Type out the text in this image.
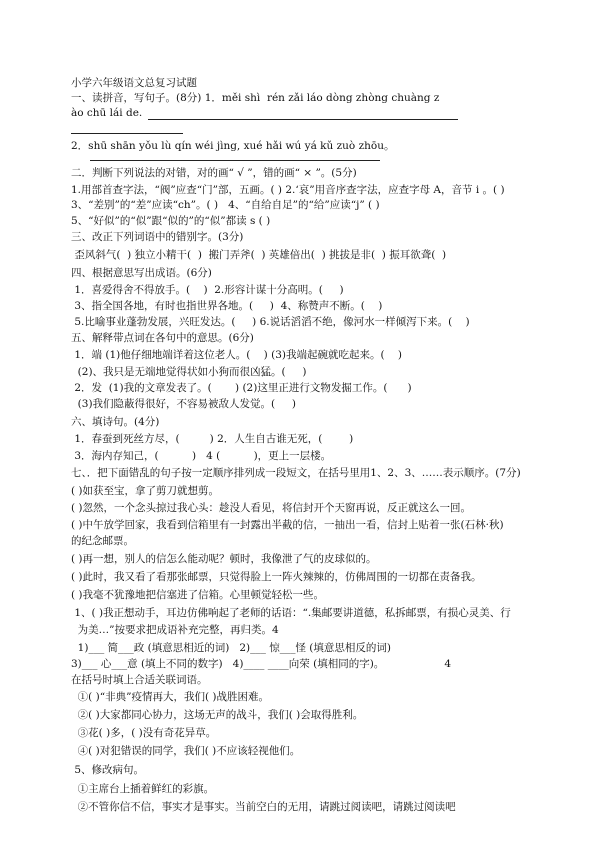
小学六年级语文总复习试题
一、读拼音，写句子。(8分) 1．měi shì  rén zǎi láo dòng zhòng chuàng z
ào chū lái de.
2．shū shān yǒu lù qín wéi jìng, xué hǎi wú yá kǔ zuò zhōu。
二．判断下列说法的对错，对的画“ √ ”，错的画“ × ”。(5分)
1.用部首查字法，“阀”应查“门”部，五画。( ) 2.‘哀”用音序查字法，应查字母 A，音节 i 。( )
3、“差别”的“差”应读“ch”。( )   4、“自给自足”的“给”应读“j” ( )
5、“好似”的“似”跟“似的”的“似”都读 s ( )
三、改正下列词语中的错别字。(3分)
歪风斜气(  ) 独立小精干(  )  搬门弄斧(  ) 英雄倍出(  ) 挑拔是非(  ) 振耳欲聋(  )
四、根据意思写出成语。(6分)
1．喜爱得舍不得放手。(    )  2.形容计谋十分高明。(     )
3、指全国各地，有时也指世界各地。(     )  4、称赞声不断。(    )
5.比喻事业蓬勃发展，兴旺发达。(     ) 6.说话滔滔不绝，像河水一样倾泻下来。(    )
五、解释带点词在各句中的意思。(6分)
1．端 (1)他仔细地端详着这位老人。(    ) (3)我端起碗就吃起来。(    )
(2)、我只是无端地觉得状如小狗而很凶猛。(     )
2．发  (1)我的文章发表了。(       ) (2)这里正进行文物发掘工作。(      )
(3)我们隐蔽得很好，不容易被敌人发觉。(     )
六、填诗句。(4分)
1．春蚕到死丝方尽，(         ) 2．人生自古谁无死，(        )
3．海内存知己，(          )   4 (          )，更上一层楼。
七、．把下面错乱的句子按一定顺序排列成一段短文，在括号里用1、2、3、……表示顺序。(7分)
( )如获至宝，拿了剪刀就想剪。
( )忽然，一个念头掠过我心头：趁没人看见，将信封开个天窗再说，反正就这么一回。
( )中午放学回家，我看到信箱里有一封露出半截的信，一抽出一看，信封上贴着一张(石林·秋)
的纪念邮票。
( )再一想，别人的信怎么能动呢？顿时，我像泄了气的皮球似的。
( )此时，我又看了看那张邮票，只觉得脸上一阵火辣辣的，仿佛周围的一切都在责备我。
( )我毫不犹豫地把信塞进了信箱。心里顿觉轻松一些。
1、( )我正想动手，耳边仿佛响起了老师的话语：“.集邮要讲道德，私拆邮票，有损心灵美、行
为美…”按要求把成语补充完整，再归类。4
1)___ 简___政 (填意思相近的词)   2)___ 惊___怪 (填意思相反的词)
3)___ 心___意 (填上不同的数字)   4)____ ____向荣 (填相同的字)。                  4
在括号时填上合适关联词语。
①( )“非典”疫情再大，我们( )战胜困难。
②( )大家都同心协力，这场无声的战斗，我们( )会取得胜利。
③花( )多，( )没有奇花异草。
④( )对犯错误的同学，我们( )不应该轻视他们。
5、修改病句。
①主席台上插着鲜红的彩旗。
②不管你信不信，事实才是事实。当前空白的无用，请跳过阅读吧，请跳过阅读吧
